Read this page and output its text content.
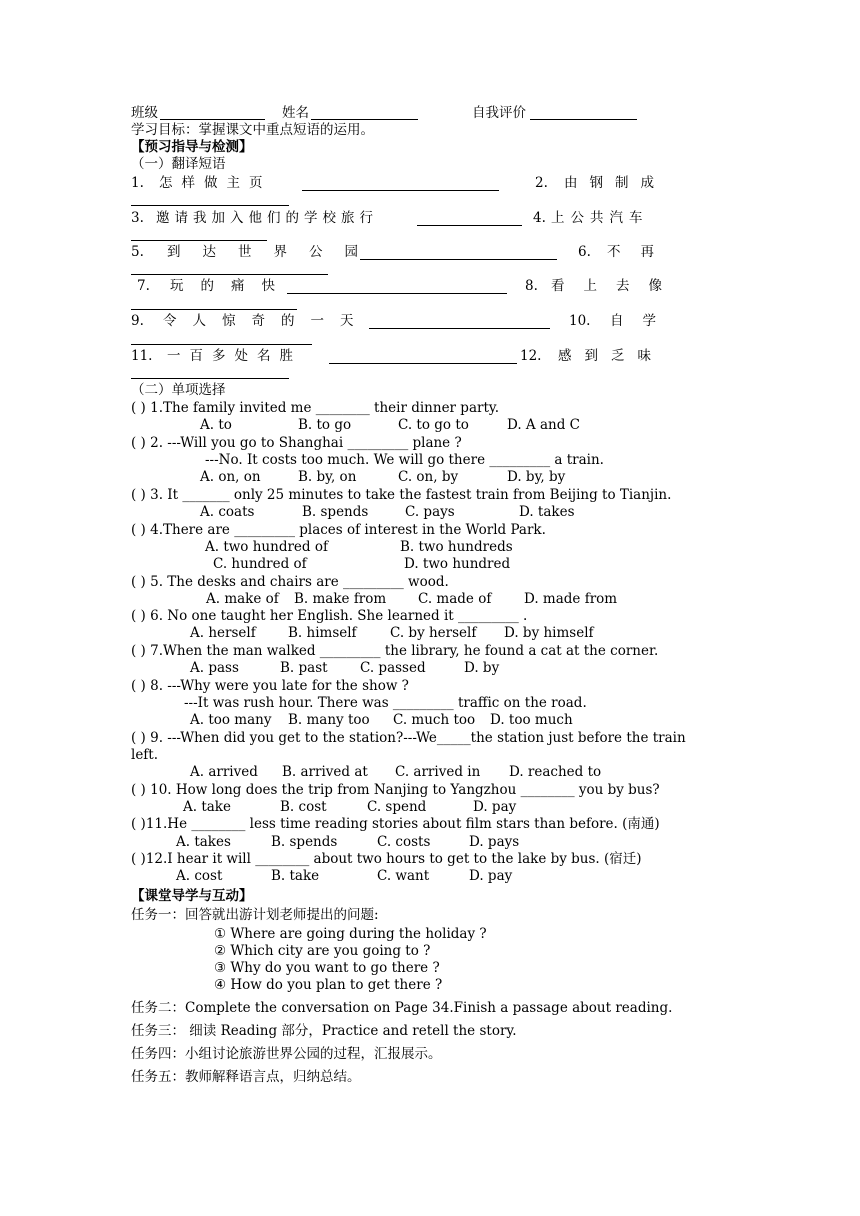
班级	姓名	自我评价
学习目标：掌握课文中重点短语的运用。
【预习指导与检测】
（一）翻译短语
1. 怎样做主页	2. 由钢制成
3. 邀请我加入他们的学校旅行	4. 上公共汽车
5. 到达世界公园	6. 不再
7. 玩的痛快	8. 看上去像
9. 令人惊奇的一天	10. 自学
11. 一百多处名胜	12. 感到乏味
（二）单项选择
( ) 1.The family invited me ________ their dinner party.
A. to	B. to go	C. to go to	D. A and C
( ) 2. ---Will you go to Shanghai _________ plane ?
---No. It costs too much. We will go there _________ a train.
A. on, on	B. by, on	C. on, by	D. by, by
( ) 3. It _______ only 25 minutes to take the fastest train from Beijing to Tianjin.
A. coats	B. spends	C. pays	D. takes
( ) 4.There are _________ places of interest in the World Park.
A. two hundred of	B. two hundreds
C. hundred of	D. two hundred
( ) 5. The desks and chairs are _________ wood.
A. make of B. make from C. made of D. made from
( ) 6. No one taught her English. She learned it _________ .
A. herself B. himself C. by herself D. by himself
( ) 7.When the man walked _________ the library, he found a cat at the corner.
A. pass	B. past C. passed	D. by
( ) 8. ---Why were you late for the show ?
---It was rush hour. There was _________ traffic on the road.
A. too many B. many too C. much too D. too much
( ) 9. ---When did you get to the station?---We_____the station just before the train
left.
A. arrived B. arrived at C. arrived in D. reached to
( ) 10. How long does the trip from Nanjing to Yangzhou ________ you by bus?
A. take	B. cost	C. spend	D. pay
( )11.He ________ less time reading stories about film stars than before. (南通)
A. takes	B. spends	C. costs	D. pays
( )12.I hear it will ________ about two hours to get to the lake by bus. (宿迁)
A. cost	B. take	C. want	D. pay
【课堂导学与互动】
任务一：回答就出游计划老师提出的问题:
① Where are going during the holiday ?
② Which city are you going to ?
③ Why do you want to go there ?
④ How do you plan to get there ?
任务二：Complete the conversation on Page 34.Finish a passage about reading.
任务三： 细读 Reading 部分，Practice and retell the story.
任务四：小组讨论旅游世界公园的过程，汇报展示。
任务五：教师解释语言点，归纳总结。
